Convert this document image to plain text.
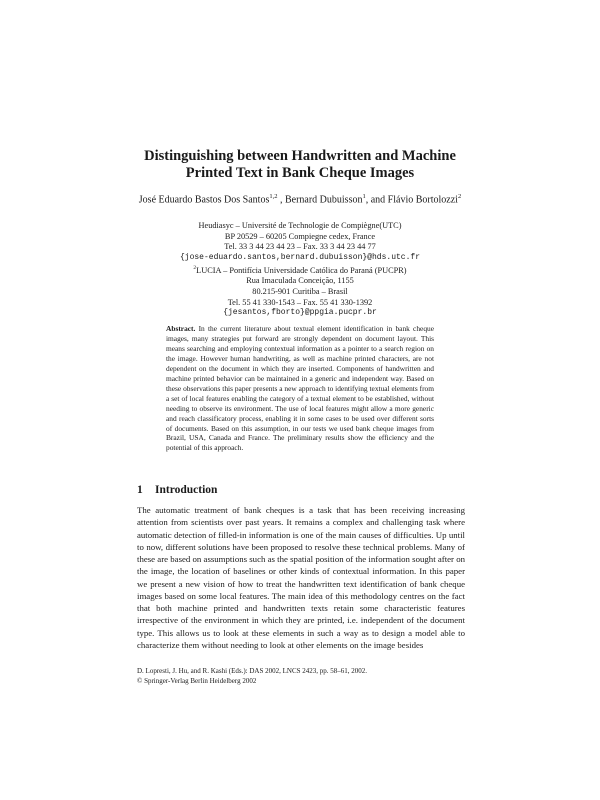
Distinguishing between Handwritten and Machine
Printed Text in Bank Cheque Images
José Eduardo Bastos Dos Santos$^{1,2}$ , Bernard Dubuisson$^1$, and Flávio Bortolozzi$^2$
Heudiasyc – Université de Technologie de Compiègne(UTC)
BP 20529 – 60205 Compiegne cedex, France
Tel. 33 3 44 23 44 23 – Fax. 33 3 44 23 44 77
{jose-eduardo.santos,bernard.dubuisson}@hds.utc.fr
$^2$LUCIA – Pontifícia Universidade Católica do Paraná (PUCPR)
Rua Imaculada Conceição, 1155
80.215-901 Curitiba – Brasil
Tel. 55 41 330-1543 – Fax. 55 41 330-1392
{jesantos,fborto}@ppgia.pucpr.br
Abstract. In the current literature about textual element identification in bank cheque images, many strategies put forward are strongly dependent on document layout. This means searching and employing contextual information as a pointer to a search region on the image. However human handwriting, as well as machine printed characters, are not dependent on the document in which they are inserted. Components of handwritten and machine printed behavior can be maintained in a generic and independent way. Based on these observations this paper presents a new approach to identifying textual elements from a set of local features enabling the category of a textual element to be established, without needing to observe its environment. The use of local features might allow a more generic and reach classificatory process, enabling it in some cases to be used over different sorts of documents. Based on this assumption, in our tests we used bank cheque images from Brazil, USA, Canada and France. The preliminary results show the efficiency and the potential of this approach.
1 Introduction
The automatic treatment of bank cheques is a task that has been receiving increasing attention from scientists over past years. It remains a complex and challenging task where automatic detection of filled-in information is one of the main causes of difficulties. Up until to now, different solutions have been proposed to resolve these technical problems. Many of these are based on assumptions such as the spatial position of the information sought after on the image, the location of baselines or other kinds of contextual information. In this paper we present a new vision of how to treat the handwritten text identification of bank cheque images based on some local features. The main idea of this methodology centres on the fact that both machine printed and handwritten texts retain some characteristic features irrespective of the environment in which they are printed, i.e. independent of the document type. This allows us to look at these elements in such a way as to design a model able to characterize them without needing to look at other elements on the image besides
D. Lopresti, J. Hu, and R. Kashi (Eds.): DAS 2002, LNCS 2423, pp. 58–61, 2002.
© Springer-Verlag Berlin Heidelberg 2002
